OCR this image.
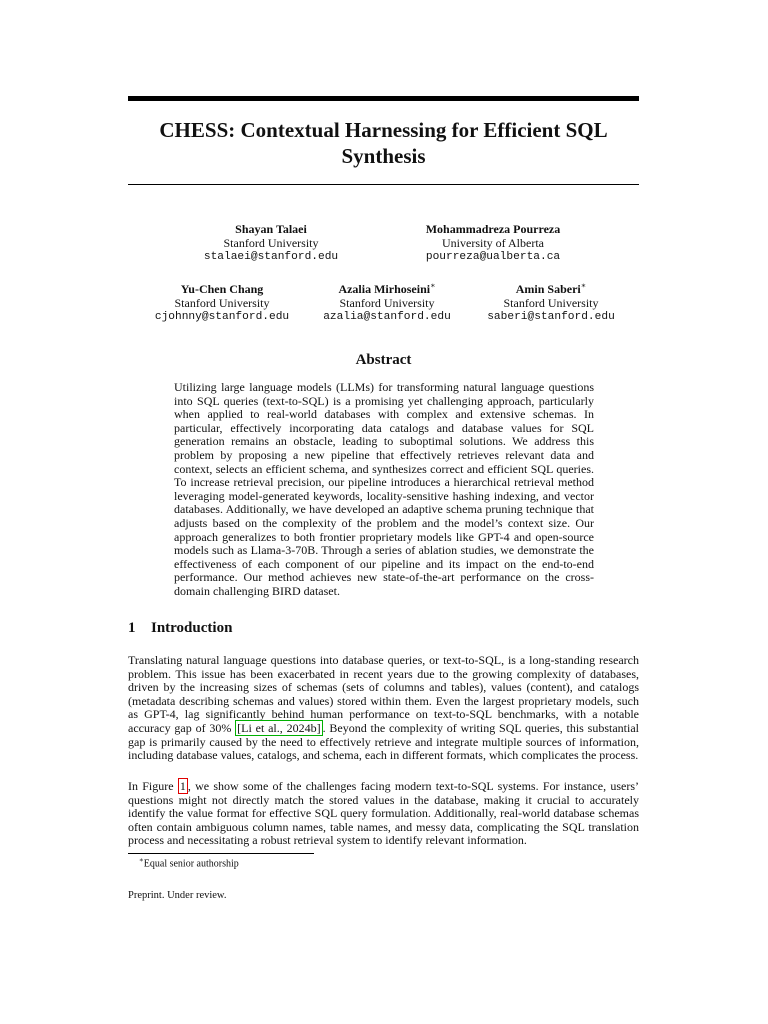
CHESS: Contextual Harnessing for Efficient SQL Synthesis
Shayan Talaei
Stanford University
stalaei@stanford.edu
Mohammadreza Pourreza
University of Alberta
pourreza@ualberta.ca
Yu-Chen Chang
Stanford University
cjohnny@stanford.edu
Azalia Mirhoseini∗
Stanford University
azalia@stanford.edu
Amin Saberi∗
Stanford University
saberi@stanford.edu
Abstract
Utilizing large language models (LLMs) for transforming natural language questions into SQL queries (text-to-SQL) is a promising yet challenging approach, particularly when applied to real-world databases with complex and extensive schemas. In particular, effectively incorporating data catalogs and database values for SQL generation remains an obstacle, leading to suboptimal solutions. We address this problem by proposing a new pipeline that effectively retrieves relevant data and context, selects an efficient schema, and synthesizes correct and efficient SQL queries. To increase retrieval precision, our pipeline introduces a hierarchical retrieval method leveraging model-generated keywords, locality-sensitive hashing indexing, and vector databases. Additionally, we have developed an adaptive schema pruning technique that adjusts based on the complexity of the problem and the model’s context size. Our approach generalizes to both frontier proprietary models like GPT-4 and open-source models such as Llama-3-70B. Through a series of ablation studies, we demonstrate the effectiveness of each component of our pipeline and its impact on the end-to-end performance. Our method achieves new state-of-the-art performance on the cross-domain challenging BIRD dataset.
1 Introduction
Translating natural language questions into database queries, or text-to-SQL, is a long-standing research problem. This issue has been exacerbated in recent years due to the growing complexity of databases, driven by the increasing sizes of schemas (sets of columns and tables), values (content), and catalogs (metadata describing schemas and values) stored within them. Even the largest proprietary models, such as GPT-4, lag significantly behind human performance on text-to-SQL benchmarks, with a notable accuracy gap of 30% [Li et al., 2024b] . Beyond the complexity of writing SQL queries, this substantial gap is primarily caused by the need to effectively retrieve and integrate multiple sources of information, including database values, catalogs, and schema, each in different formats, which complicates the process.
In Figure 1 , we show some of the challenges facing modern text-to-SQL systems. For instance, users’ questions might not directly match the stored values in the database, making it crucial to accurately identify the value format for effective SQL query formulation. Additionally, real-world database schemas often contain ambiguous column names, table names, and messy data, complicating the SQL translation process and necessitating a robust retrieval system to identify relevant information.
∗Equal senior authorship
Preprint. Under review.
